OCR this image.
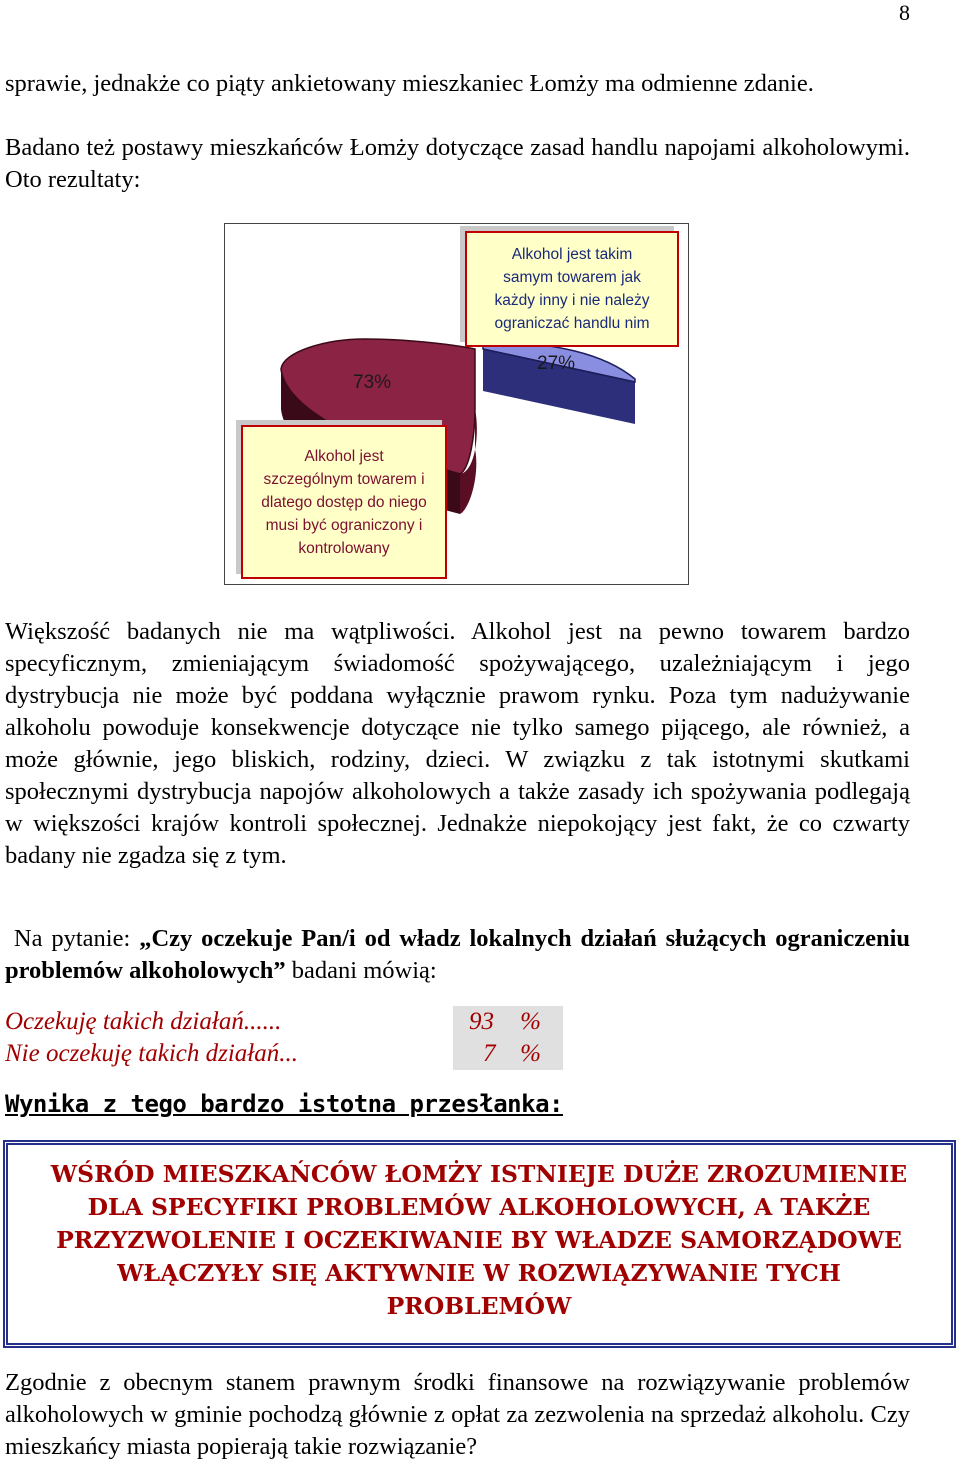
8

sprawie, jednakże co piąty ankietowany mieszkaniec Łomży ma odmienne zdanie.

Badano też postawy mieszkańców Łomży dotyczące zasad handlu napojami alkoholowymi. Oto rezultaty:

73%
27%
Alkohol jest takim
samym towarem jak
każdy inny i nie należy
ograniczać handlu nim
Alkohol jest
szczególnym towarem i
dlatego dostęp do niego
musi być ograniczony i
kontrolowany

Większość badanych nie ma wątpliwości. Alkohol jest na pewno towarem bardzo specyficznym, zmieniającym świadomość spożywającego, uzależniającym i jego dystrybucja nie może być poddana wyłącznie prawom rynku. Poza tym nadużywanie alkoholu powoduje konsekwencje dotyczące nie tylko samego pijącego, ale również, a może głównie, jego bliskich, rodziny, dzieci. W związku z tak istotnymi skutkami społecznymi dystrybucja napojów alkoholowych a także zasady ich spożywania podlegają w większości krajów kontroli społecznej. Jednakże niepokojący jest fakt, że co czwarty badany nie zgadza się z tym.

Na pytanie: „Czy oczekuje Pan/i od władz lokalnych działań służących ograniczeniu problemów alkoholowych” badani mówią:

Oczekuję takich działań......	93 %
Nie oczekuję takich działań...	7 %
Wynika z tego bardzo istotna przesłanka:
WŚRÓD MIESZKAŃCÓW ŁOMŻY ISTNIEJE DUŻE ZROZUMIENIE
DLA SPECYFIKI PROBLEMÓW ALKOHOLOWYCH, A TAKŻE
PRZYZWOLENIE I OCZEKIWANIE BY WŁADZE SAMORZĄDOWE
WŁĄCZYŁY SIĘ AKTYWNIE W ROZWIĄZYWANIE TYCH
PROBLEMÓW

Zgodnie z obecnym stanem prawnym środki finansowe na rozwiązywanie problemów alkoholowych w gminie pochodzą głównie z opłat za zezwolenia na sprzedaż alkoholu. Czy mieszkańcy miasta popierają takie rozwiązanie?
